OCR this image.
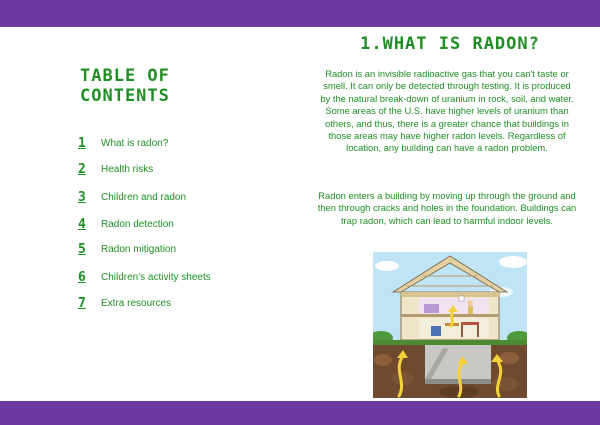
TABLE OF CONTENTS
1 What is radon?
2 Health risks
3 Children and radon
4 Radon detection
5 Radon mitigation
6 Children's activity sheets
7 Extra resources
1.WHAT IS RADON?

Radon is an invisible radioactive gas that you can't taste or smell. It can only be detected through testing. It is produced by the natural break-down of uranium in rock, soil, and water. Some areas of the U.S. have higher levels of uranium than others, and thus, there is a greater chance that buildings in those areas may have higher radon levels. Regardless of location, any building can have a radon problem.

Radon enters a building by moving up through the ground and then through cracks and holes in the foundation. Buildings can trap radon, which can lead to harmful indoor levels.
